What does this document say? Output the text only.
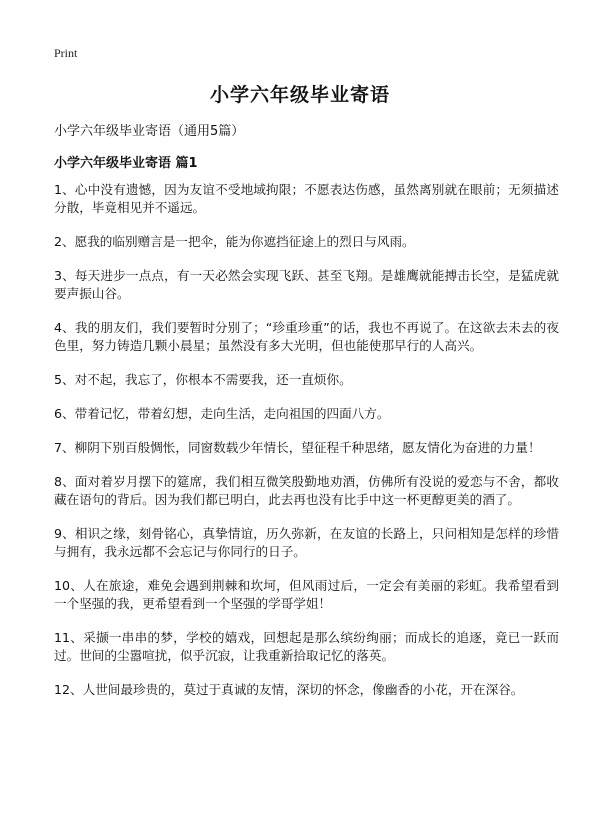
Print
小学六年级毕业寄语

小学六年级毕业寄语（通用5篇）

小学六年级毕业寄语 篇1
1、心中没有遗憾，因为友谊不受地域拘限；不愿表达伤感，虽然离别就在眼前；无须描述分散，毕竟相见并不遥远。
2、愿我的临别赠言是一把伞，能为你遮挡征途上的烈日与风雨。
3、每天进步一点点，有一天必然会实现飞跃、甚至飞翔。是雄鹰就能搏击长空，是猛虎就要声振山谷。
4、我的朋友们，我们要暂时分别了；“珍重珍重”的话，我也不再说了。在这欲去未去的夜色里，努力铸造几颗小晨星；虽然没有多大光明，但也能使那早行的人高兴。
5、对不起，我忘了，你根本不需要我，还一直烦你。
6、带着记忆，带着幻想，走向生活，走向祖国的四面八方。
7、柳阴下别百般惆怅，同窗数载少年情长，望征程千种思绪，愿友情化为奋进的力量！
8、面对着岁月摆下的筵席，我们相互微笑殷勤地劝酒，仿佛所有没说的爱恋与不舍，都收藏在语句的背后。因为我们都已明白，此去再也没有比手中这一杯更醇更美的酒了。
9、相识之缘，刻骨铭心，真挚情谊，历久弥新，在友谊的长路上，只问相知是怎样的珍惜与拥有，我永远都不会忘记与你同行的日子。
10、人在旅途，难免会遇到荆棘和坎坷，但风雨过后，一定会有美丽的彩虹。我希望看到一个坚强的我，更希望看到一个坚强的学哥学姐！
11、采撷一串串的梦，学校的嬉戏，回想起是那么缤纷绚丽；而成长的追逐，竟已一跃而过。世间的尘嚣喧扰，似乎沉寂，让我重新拾取记忆的落英。
12、人世间最珍贵的，莫过于真诚的友情，深切的怀念，像幽香的小花，开在深谷。
